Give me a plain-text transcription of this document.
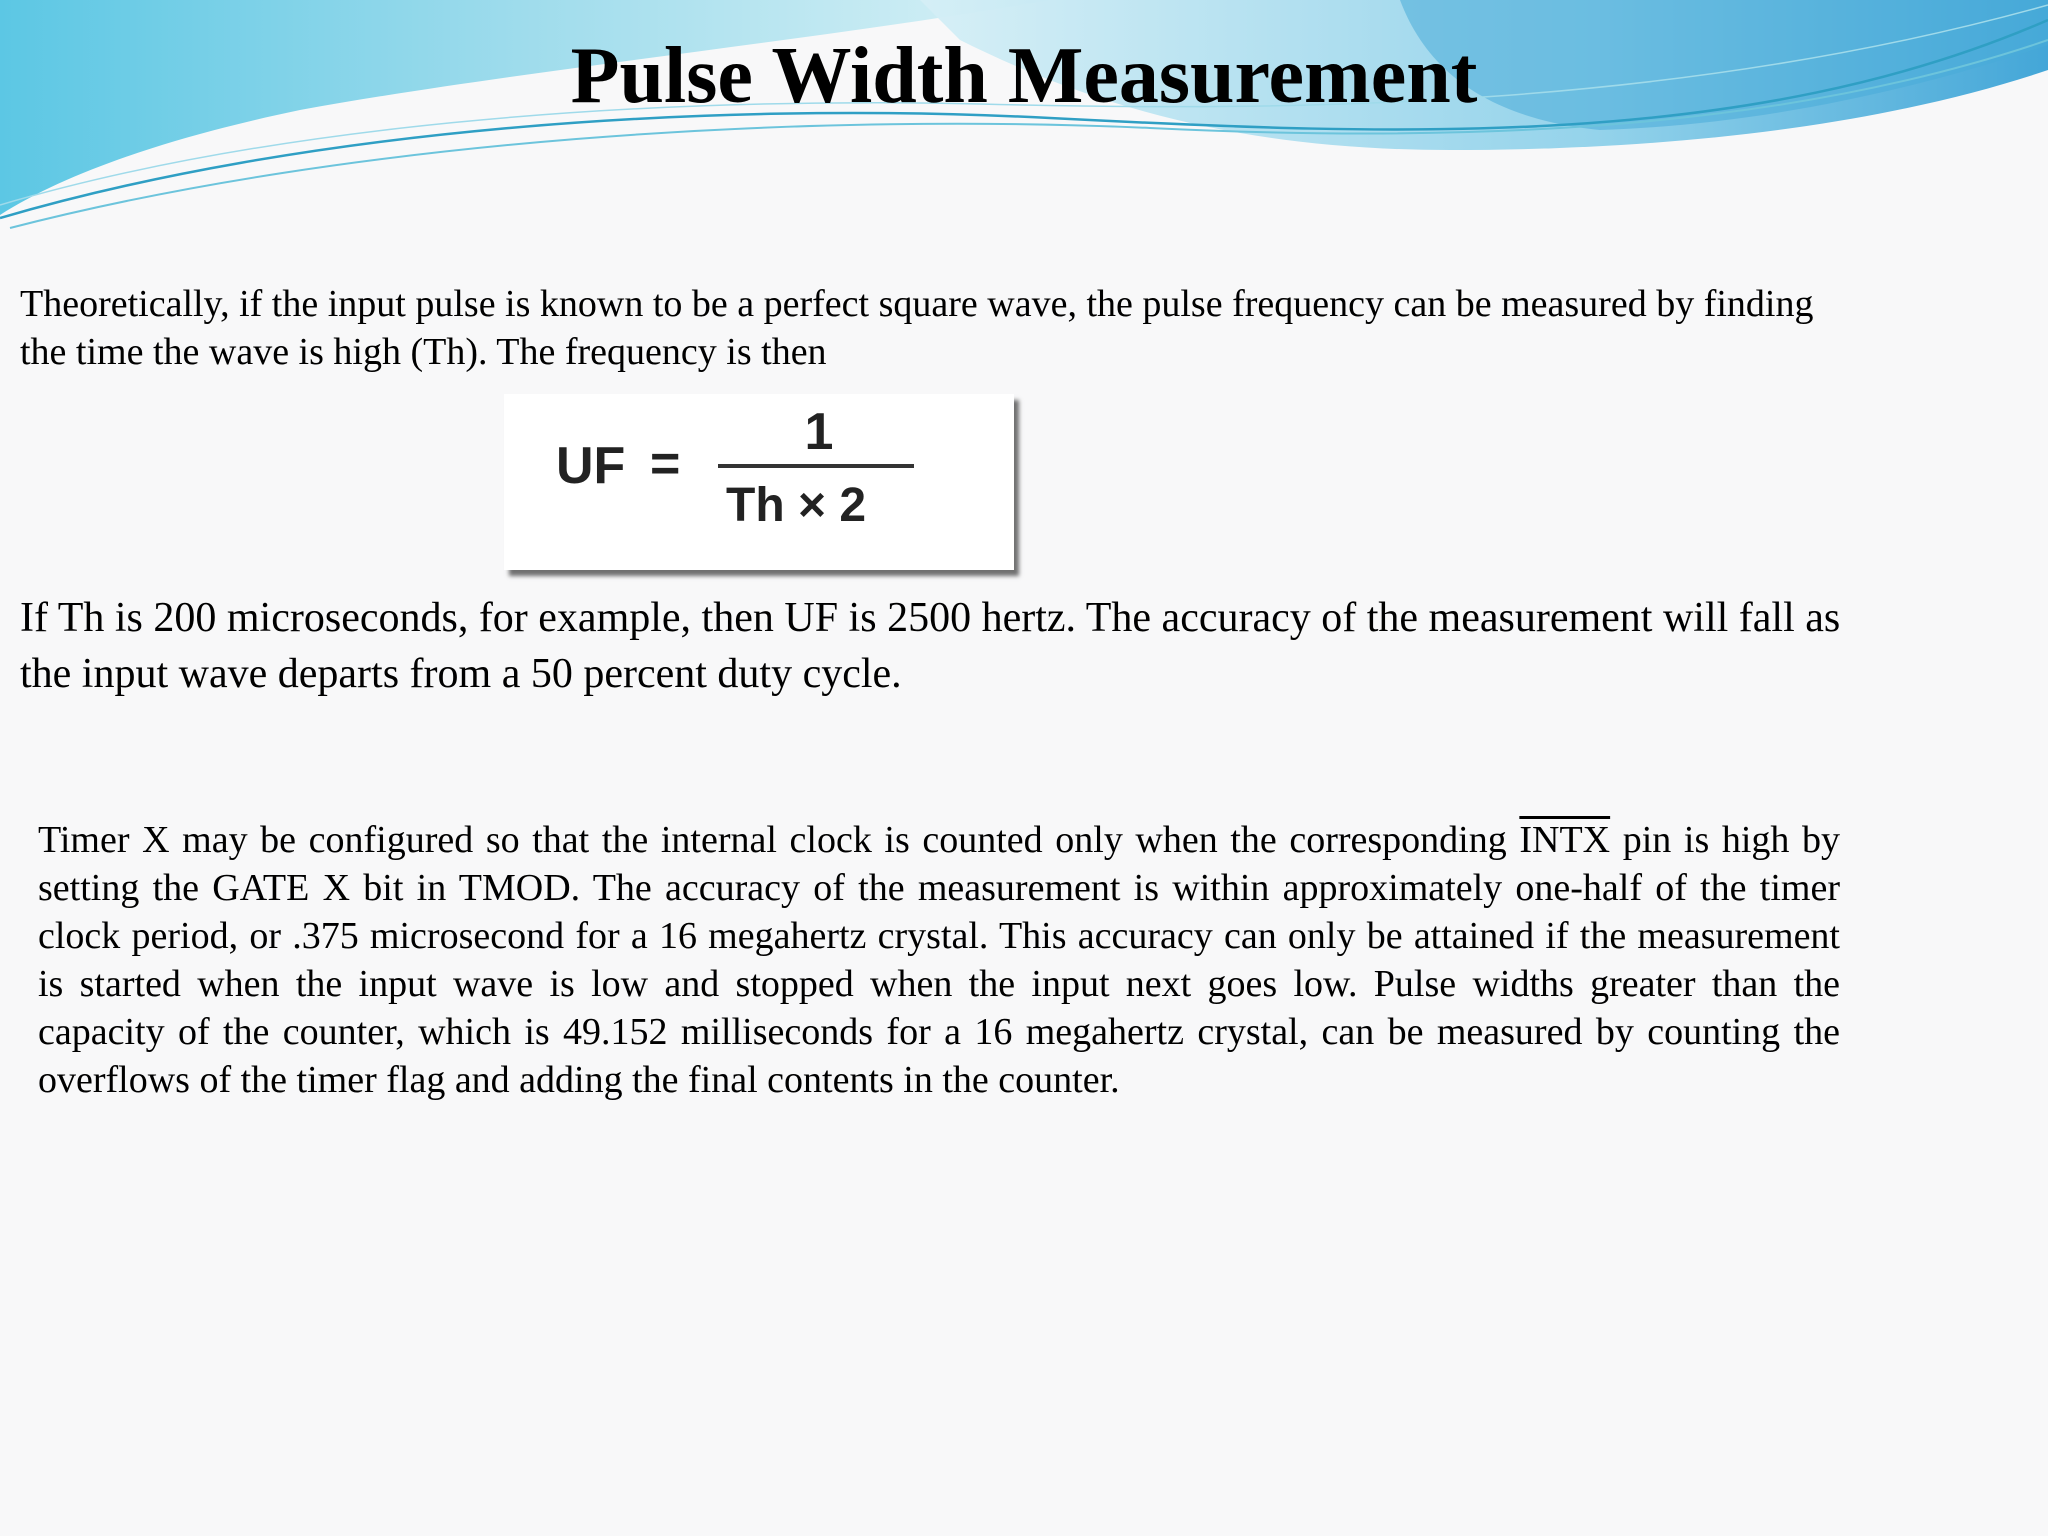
Pulse Width Measurement

Theoretically, if the input pulse is known to be a perfect square wave, the pulse frequency can be measured by finding the time the wave is high (Th). The frequency is then

UF =
1
Th × 2

If Th is 200 microseconds, for example, then UF is 2500 hertz. The accuracy of the measurement will fall as the input wave departs from a 50 percent duty cycle.

Timer X may be configured so that the internal clock is counted only when the corresponding INTX pin is high by setting the GATE X bit in TMOD. The accuracy of the measurement is within approximately one-half of the timer clock period, or .375 microsecond for a 16 megahertz crystal. This accuracy can only be attained if the measurement is started when the input wave is low and stopped when the input next goes low. Pulse widths greater than the capacity of the counter, which is 49.152 milliseconds for a 16 megahertz crystal, can be measured by counting the overflows of the timer flag and adding the final contents in the counter.
